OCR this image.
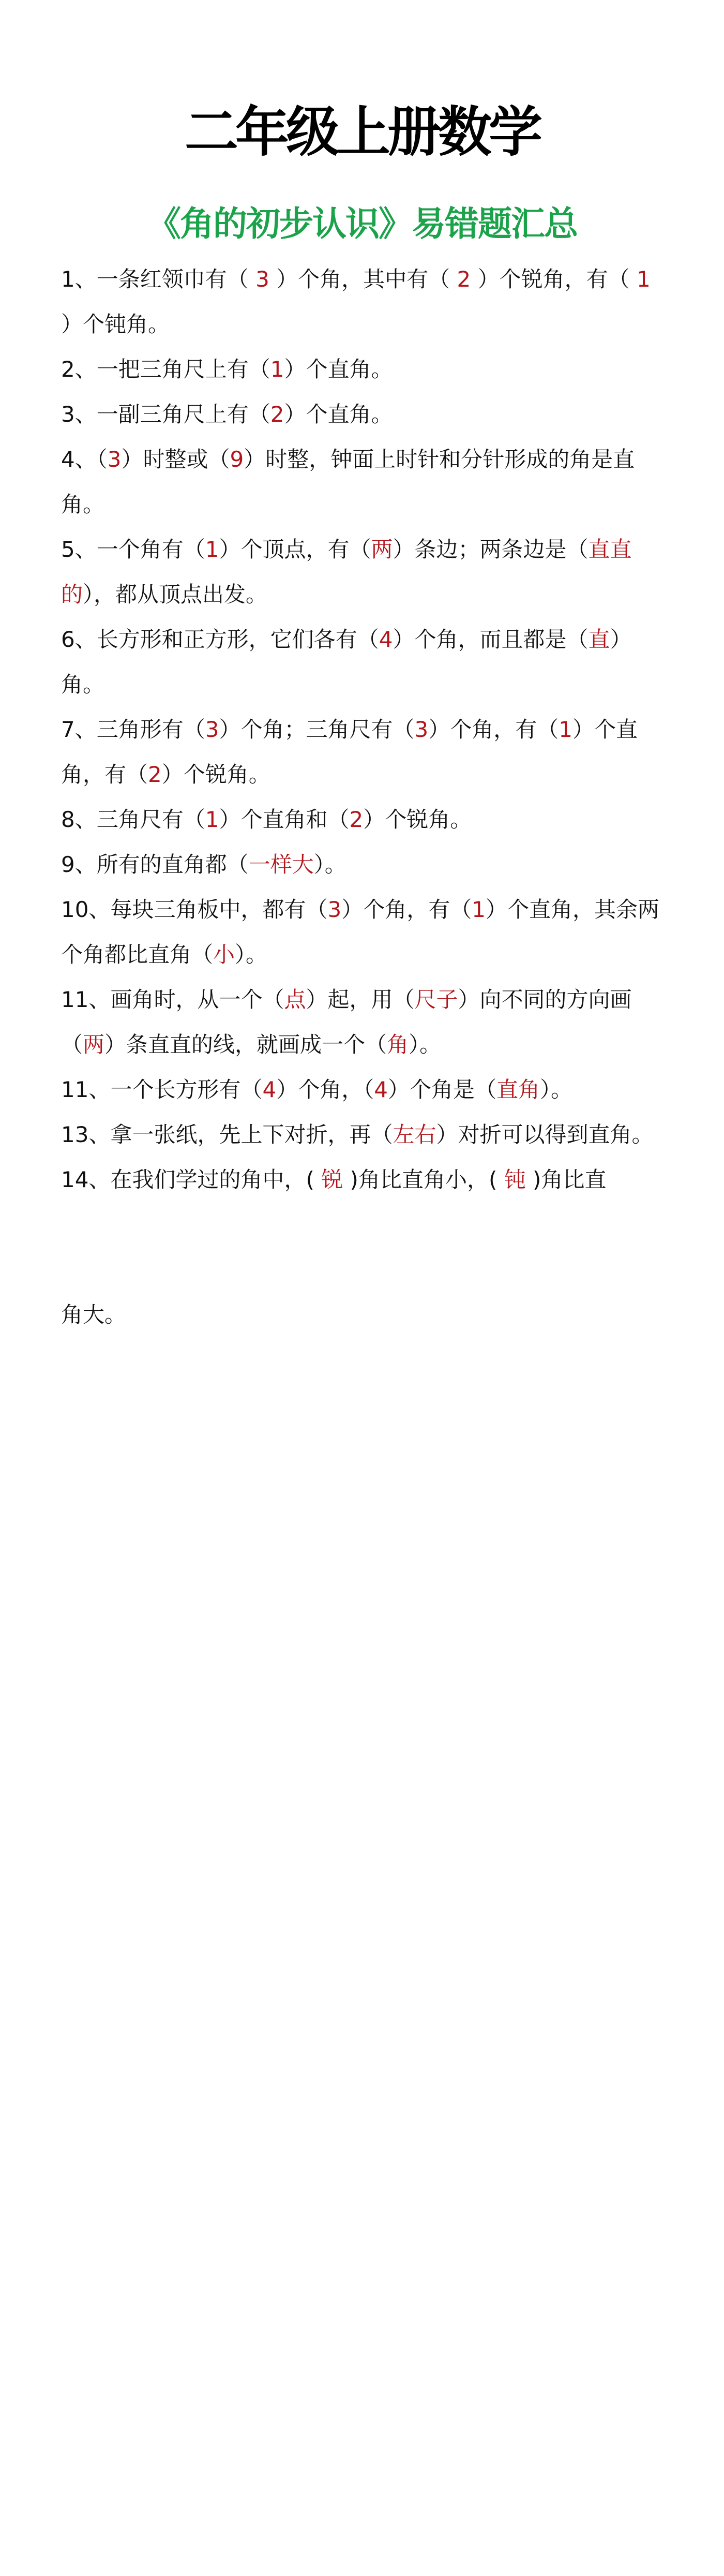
二年级上册数学
《角的初步认识》易错题汇总

1、一条红领巾有（ 3 ）个角，其中有（ 2 ）个锐角，有（ 1 ）个钝角。

2、一把三角尺上有（1）个直角。

3、一副三角尺上有（2）个直角。

4、（3）时整或（9）时整，钟面上时针和分针形成的角是直角。

5、一个角有（1）个顶点，有（两）条边；两条边是（直直的），都从顶点出发。

6、长方形和正方形，它们各有（4）个角，而且都是（直）角。

7、三角形有（3）个角；三角尺有（3）个角，有（1）个直角，有（2）个锐角。

8、三角尺有（1）个直角和（2）个锐角。

9、所有的直角都（一样大）。

10、每块三角板中，都有（3）个角，有（1）个直角，其余两个角都比直角（小）。

11、画角时，从一个（点）起，用（尺子）向不同的方向画（两）条直直的线，就画成一个（角）。

11、一个长方形有（4）个角，（4）个角是（直角）。

13、拿一张纸，先上下对折，再（左右）对折可以得到直角。

14、在我们学过的角中，( 锐 )角比直角小，( 钝 )角比直

角大。
